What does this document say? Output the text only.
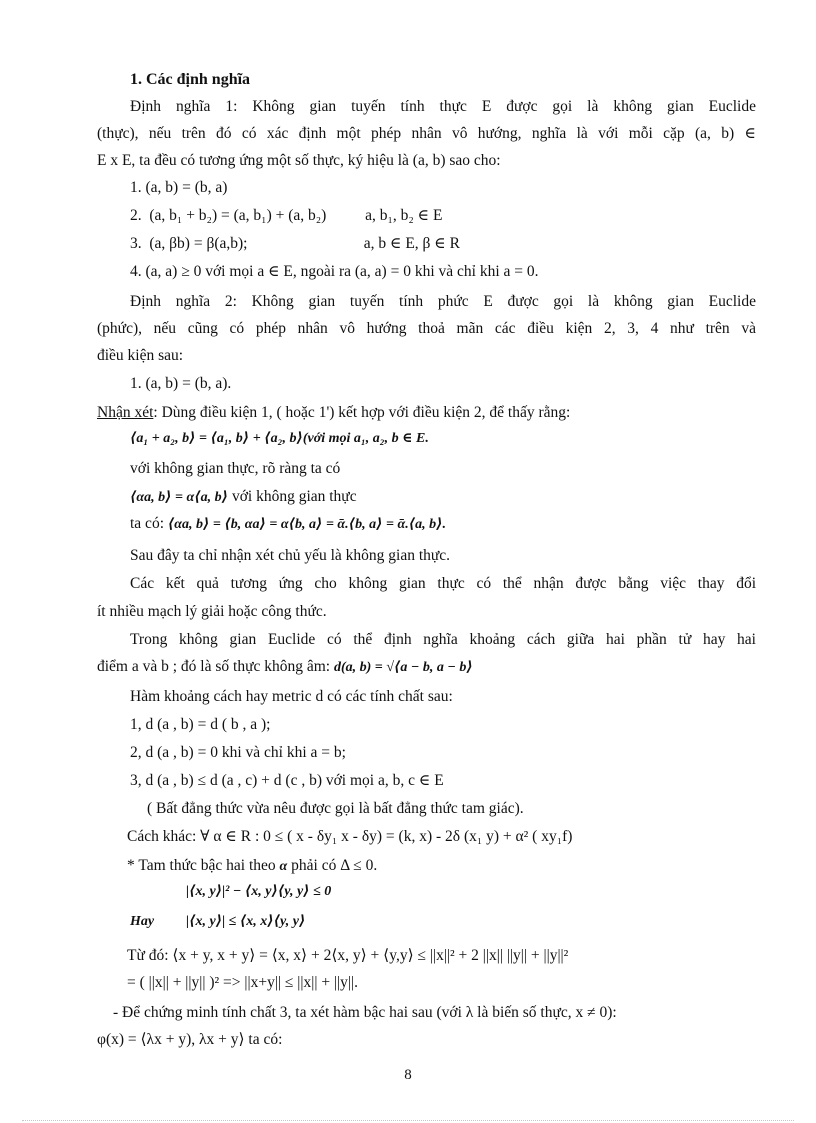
1. Các định nghĩa
Định nghĩa 1: Không gian tuyến tính thực E được gọi là không gian Euclide
(thực), nếu trên đó có xác định một phép nhân vô hướng, nghĩa là với mỗi cặp (a, b) ∈
E x E, ta đều có tương ứng một số thực, ký hiệu là (a, b) sao cho:
1. (a, b) = (b, a)
2.  (a, b₁ + b₂) = (a, b₁) + (a, b₂)          a, b₁, b₂ ∈ E
3.  (a, βb) = β(a,b);                              a, b ∈ E, β ∈ R
4. (a, a) ≥ 0 với mọi a ∈ E, ngoài ra (a, a) = 0 khi và chỉ khi a = 0.
Định nghĩa 2: Không gian tuyến tính phức E được gọi là không gian Euclide
(phức), nếu cũng có phép nhân vô hướng thoả mãn các điều kiện 2, 3, 4 như trên và
điều kiện sau:
1. (a, b) = (b, a).
Nhận xét: Dùng điều kiện 1, ( hoặc 1') kết hợp với điều kiện 2, để thấy rằng:
⟨a₁ + a₂, b⟩ = ⟨a₁, b⟩ + ⟨a₂, b⟩(với mọi a₁, a₂, b ∈ E.
với không gian thực, rõ ràng ta có
⟨αa, b⟩ = α⟨a, b⟩ với không gian thực
ta có: ⟨αa, b⟩ = ⟨b, αa⟩ = α⟨b, a⟩ = ᾱ.⟨b, a⟩ = ᾱ.⟨a, b⟩.
Sau đây ta chỉ nhận xét chủ yếu là không gian thực.
Các kết quả tương ứng cho không gian thực có thể nhận được bằng việc thay đổi
ít nhiều mạch lý giải hoặc công thức.
Trong không gian Euclide có thể định nghĩa khoảng cách giữa hai phần tử hay hai
điểm a và b ; đó là số thực không âm: d(a, b) = √⟨a − b, a − b⟩
Hàm khoảng cách hay metric d có các tính chất sau:
1, d (a , b) = d ( b , a );
2, d (a , b) = 0 khi và chỉ khi a = b;
3, d (a , b) ≤ d (a , c) + d (c , b) với mọi a, b, c ∈ E
( Bất đẳng thức vừa nêu được gọi là bất đẳng thức tam giác).
Cách khác: ∀ α ∈ R : 0 ≤ ( x - δy₁ x - δy) = (k, x) - 2δ (x₁ y) + α² ( xy₁f)
* Tam thức bậc hai theo α phải có Δ ≤ 0.
|⟨x, y⟩|² − ⟨x, y⟩⟨y, y⟩ ≤ 0
Hay |⟨x, y⟩| ≤ ⟨x, x⟩⟨y, y⟩
Từ đó: ⟨x + y, x + y⟩ = ⟨x, x⟩ + 2⟨x, y⟩ + ⟨y,y⟩ ≤ ||x||² + 2 ||x|| ||y|| + ||y||²
= ( ||x|| + ||y|| )² => ||x+y|| ≤ ||x|| + ||y||.
- Để chứng minh tính chất 3, ta xét hàm bậc hai sau (với λ là biến số thực, x ≠ 0):
φ(x) = ⟨λx + y), λx + y⟩ ta có:
8
